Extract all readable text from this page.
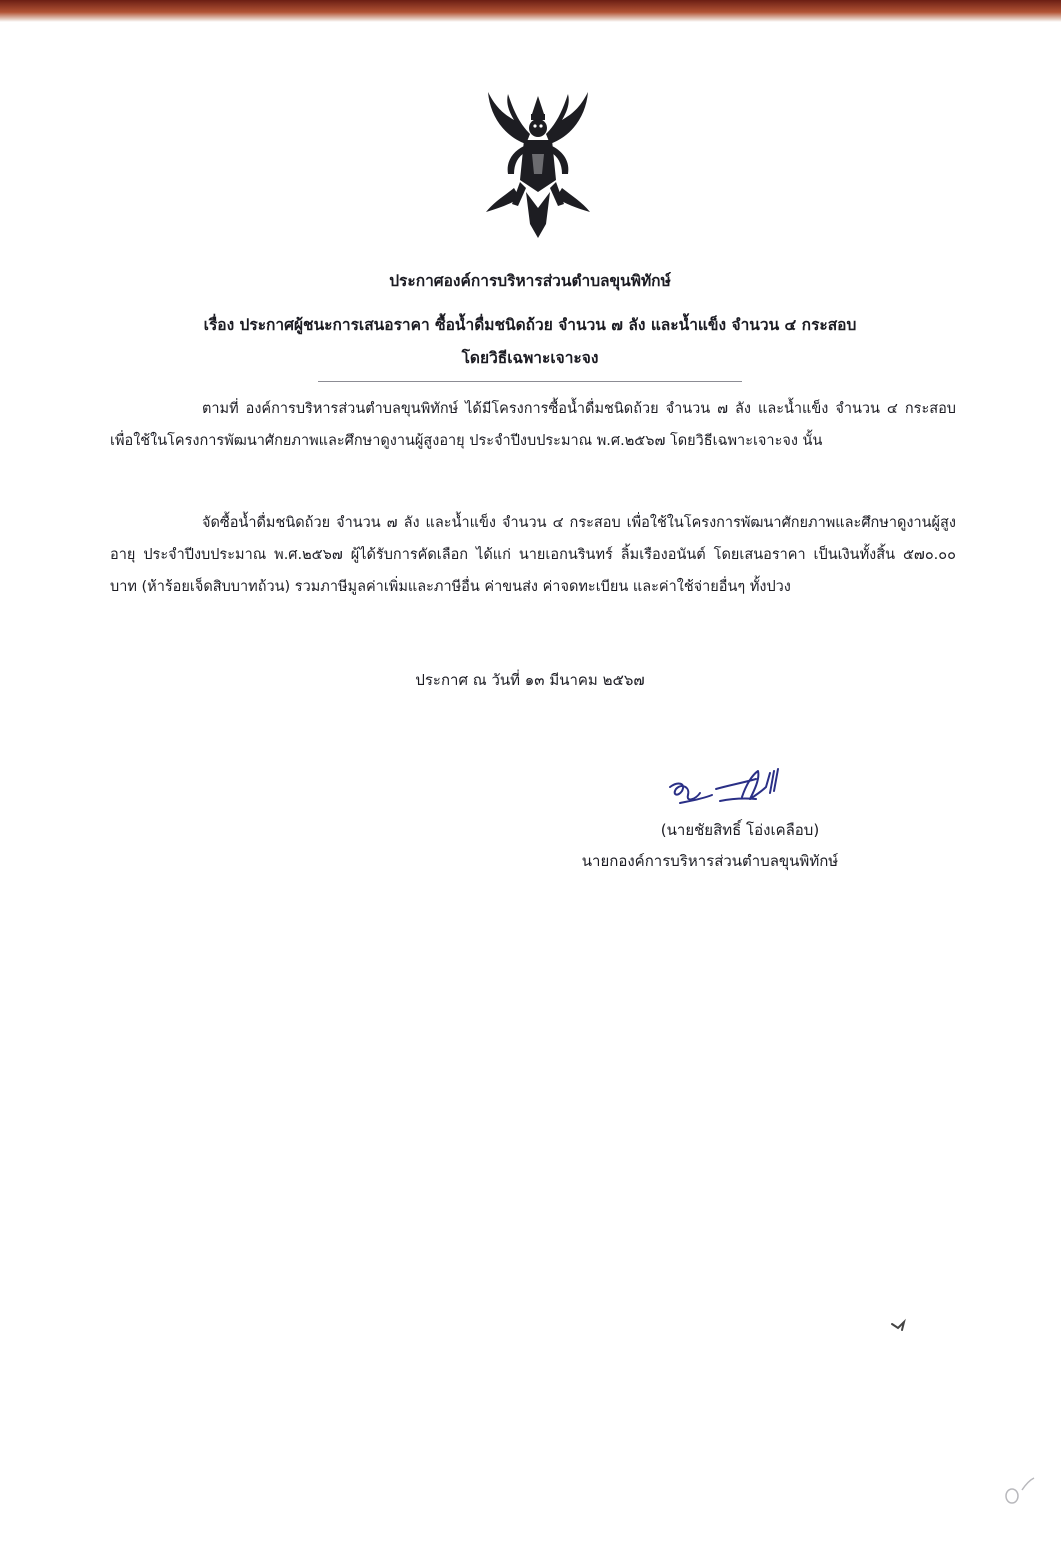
ประกาศองค์การบริหารส่วนตำบลขุนพิทักษ์
เรื่อง ประกาศผู้ชนะการเสนอราคา ซื้อน้ำดื่มชนิดถ้วย จำนวน ๗ ลัง และน้ำแข็ง จำนวน ๔ กระสอบ
โดยวิธีเฉพาะเจาะจง
ตามที่ องค์การบริหารส่วนตำบลขุนพิทักษ์ ได้มีโครงการซื้อน้ำดื่มชนิดถ้วย จำนวน ๗ ลัง และน้ำแข็ง จำนวน ๔ กระสอบ เพื่อใช้ในโครงการพัฒนาศักยภาพและศึกษาดูงานผู้สูงอายุ ประจำปีงบประมาณ พ.ศ.๒๕๖๗ โดยวิธีเฉพาะเจาะจง นั้น
จัดซื้อน้ำดื่มชนิดถ้วย จำนวน ๗ ลัง และน้ำแข็ง จำนวน ๔ กระสอบ เพื่อใช้ในโครงการพัฒนาศักยภาพและศึกษาดูงานผู้สูงอายุ ประจำปีงบประมาณ พ.ศ.๒๕๖๗ ผู้ได้รับการคัดเลือก ได้แก่ นายเอกนรินทร์ ลิ้มเรืองอนันต์ โดยเสนอราคา เป็นเงินทั้งสิ้น ๕๗๐.๐๐ บาท (ห้าร้อยเจ็ดสิบบาทถ้วน) รวมภาษีมูลค่าเพิ่มและภาษีอื่น ค่าขนส่ง ค่าจดทะเบียน และค่าใช้จ่ายอื่นๆ ทั้งปวง
ประกาศ ณ วันที่ ๑๓ มีนาคม ๒๕๖๗
(นายชัยสิทธิ์ โอ่งเคลือบ)
นายกองค์การบริหารส่วนตำบลขุนพิทักษ์
